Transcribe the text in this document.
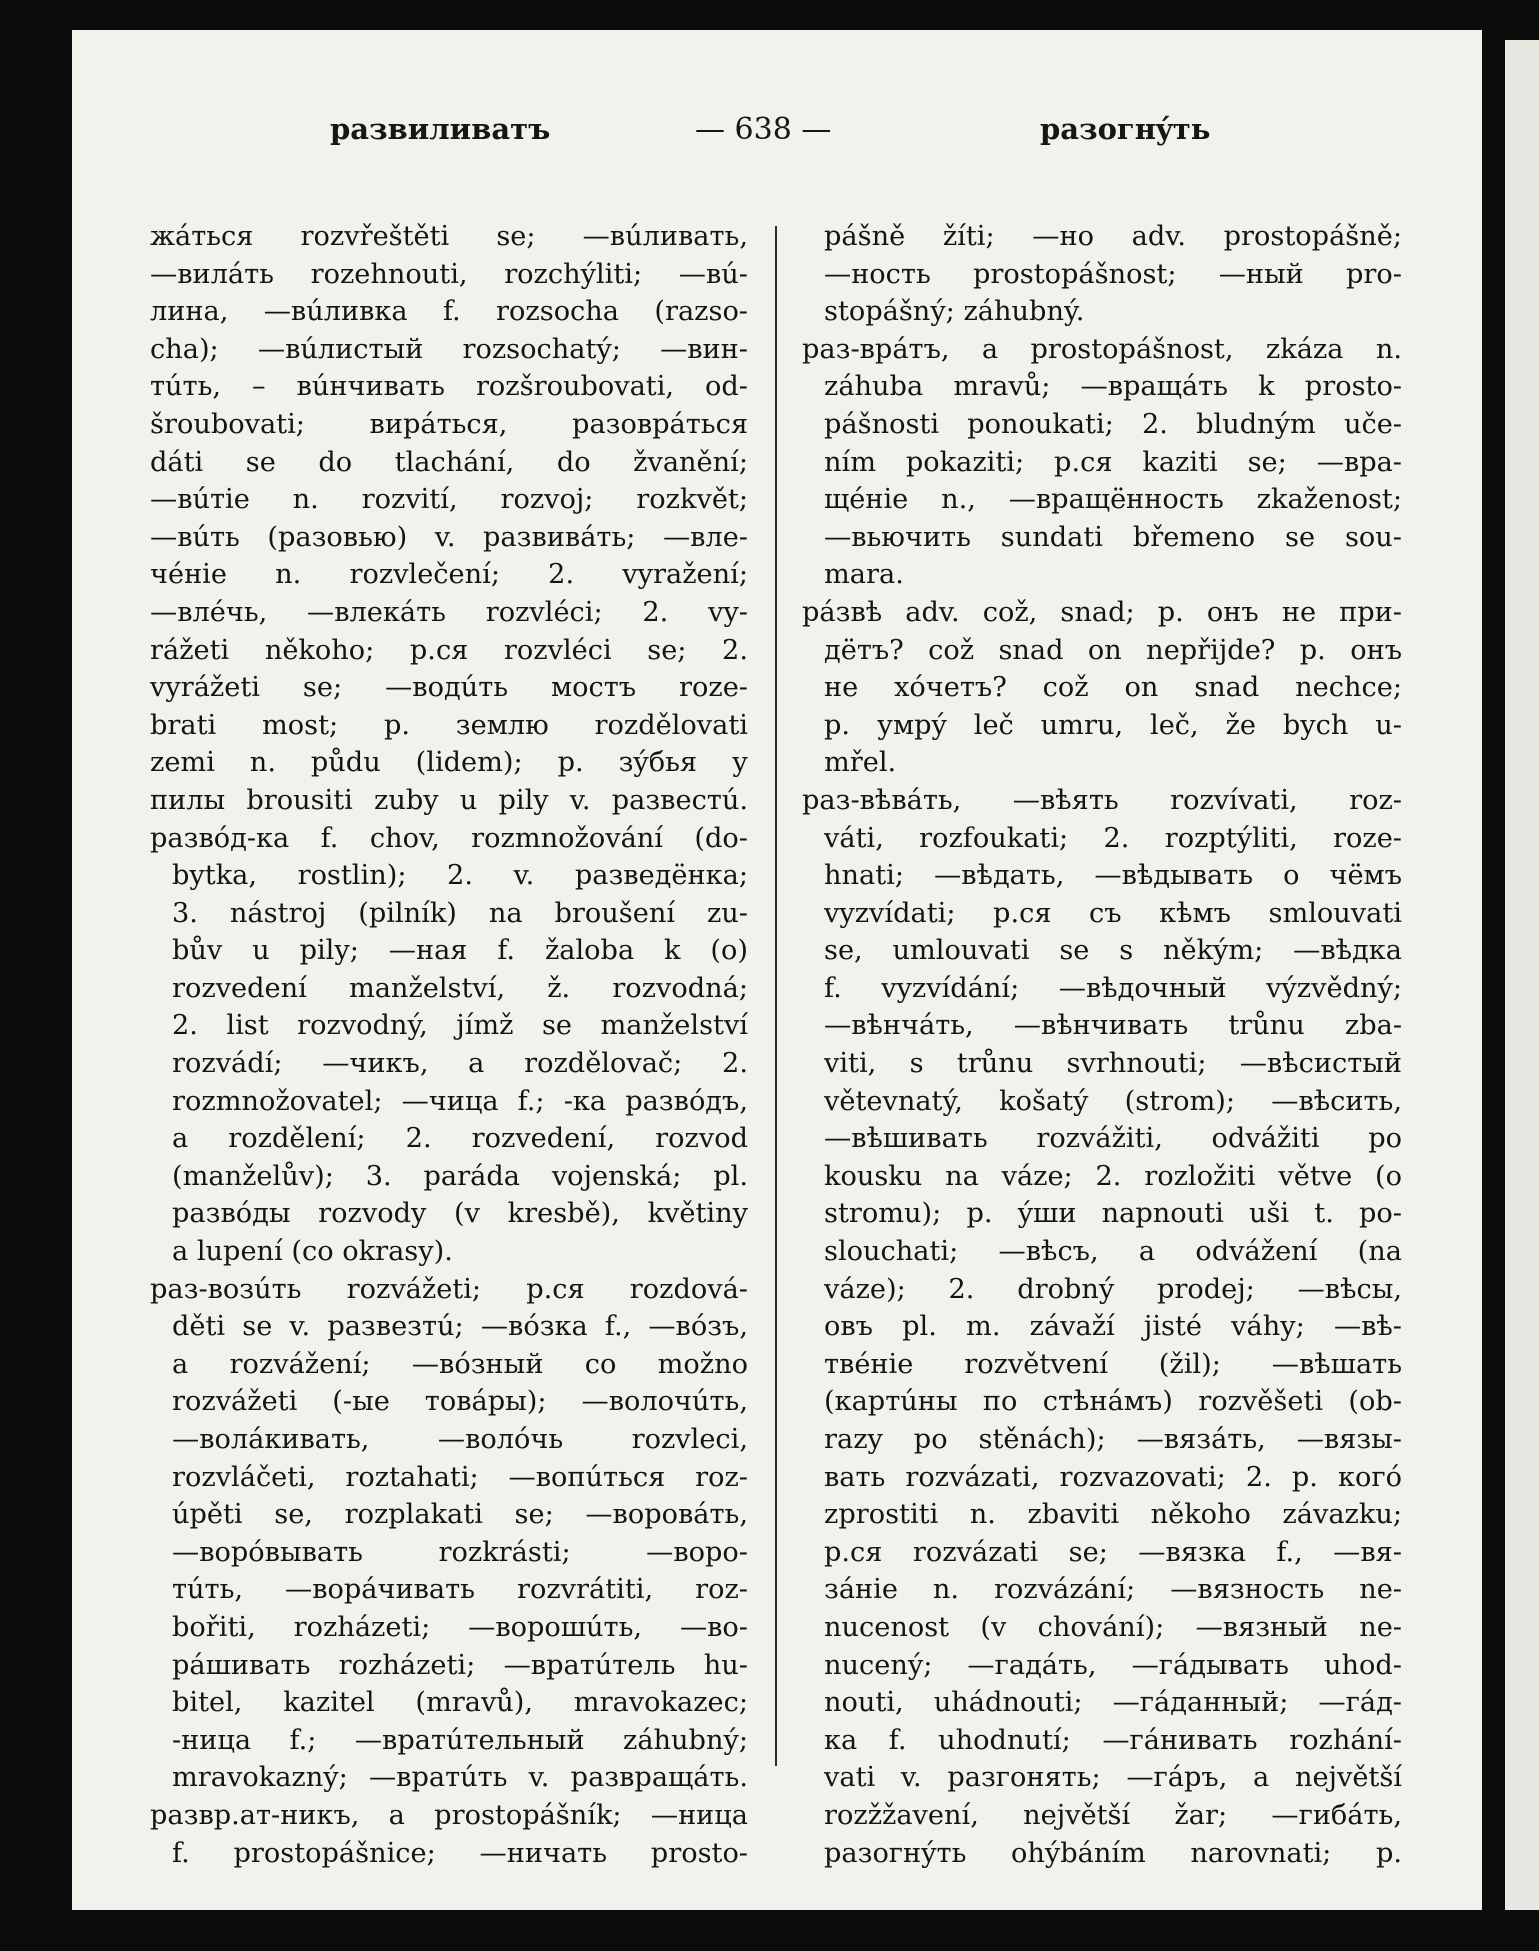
развиливатъ	— 638 —	разогнýть
жáться rozvřeštěti se; —вúливать,
—вилáть rozehnouti, rozchýliti; —вú-
лина, —вúливка f. rozsocha (razso-
cha); —вúлистый rozsochatý; —вин-
тúть, – вúнчивать rozšroubovati, od-
šroubovati; вирáться, разоврáться
dáti se do tlachání, do žvanění;
—вúтіе n. rozvití, rozvoj; rozkvět;
—вúть (разовью) v. развивáть; —вле-
чéніе n. rozvlečení; 2. vyražení;
—влéчь, —влекáть rozvléci; 2. vy-
rážeti někoho; р.ся rozvléci se; 2.
vyrážeti se; —водúть мостъ roze-
brati most; р. землю rozdělovati
zemi n. půdu (lidem); р. зýбья у
пилы brousiti zuby u pily v. развестú.
развóд-ка f. chov, rozmnožování (do-
bytka, rostlin); 2. v. разведёнка;
3. nástroj (pilník) na broušení zu-
bův u pily; —ная f. žaloba k (o)
rozvedení manželství, ž. rozvodná;
2. list rozvodný, jímž se manželství
rozvádí; —чикъ, a rozdělovač; 2.
rozmnožovatel; —чица f.; -ка развóдъ,
a rozdělení; 2. rozvedení, rozvod
(manželův); 3. paráda vojenská; pl.
развóды rozvody (v kresbě), květiny
a lupení (co okrasy).
раз-возúть rozvážeti; р.ся rozdová-
děti se v. развезтú; —вóзка f., —вóзъ,
a rozvážení; —вóзный co možno
rozvážeti (-ые товáры); —волочúть,
—волáкивать, —волóчь rozvleci,
rozvláčeti, roztahati; —вопúться roz-
úpěti se, rozplakati se; —воровáть,
—ворóвывать rozkrásti; —воро-
тúть, —ворáчивать rozvrátiti, roz-
bořiti, rozházeti; —ворошúть, —во-
рáшивать rozházeti; —вратúтель hu-
bitel, kazitel (mravů), mravokazec;
-ница f.; —вратúтельный záhubný;
mravokazný; —вратúть v. развращáть.
развр.ат-никъ, a prostopášník; —ница
f. prostopášnice; —ничать prosto-
pášně žíti; —но adv. prostopášně;
—ность prostopášnost; —ный pro-
stopášný; záhubný.
раз-врáтъ, a prostopášnost, zkáza n.
záhuba mravů; —вращáть k prosto-
pášnosti ponoukati; 2. bludným uče-
ním pokaziti; р.ся kaziti se; —вра-
щéніе n., —вращённость zkaženost;
—вьючить sundati břemeno se sou-
mara.
рáзвѣ adv. což, snad; р. онъ не при-
дётъ? což snad on nepřijde? р. онъ
не хóчетъ? což on snad nechce;
р. умрý leč umru, leč, že bych u-
mřel.
раз-вѣвáть, —вѣять rozvívati, roz-
váti, rozfoukati; 2. rozptýliti, roze-
hnati; —вѣдать, —вѣдывать о чёмъ
vyzvídati; р.ся съ кѣмъ smlouvati
se, umlouvati se s někým; —вѣдка
f. vyzvídání; —вѣдочный výzvědný;
—вѣнчáть, —вѣнчивать trůnu zba-
viti, s trůnu svrhnouti; —вѣсистый
větevnatý, košatý (strom); —вѣсить,
—вѣшивать rozvážiti, odvážiti po
kousku na váze; 2. rozložiti větve (o
stromu); р. ýши napnouti uši t. po-
slouchati; —вѣсъ, a odvážení (na
váze); 2. drobný prodej; —вѣсы,
овъ pl. m. závaží jisté váhy; —вѣ-
твéніе rozvětvení (žil); —вѣшать
(картúны по стѣнáмъ) rozvěšeti (ob-
razy po stěnách); —вязáть, —вязы-
вать rozvázati, rozvazovati; 2. р. когó
zprostiti n. zbaviti někoho závazku;
р.ся rozvázati se; —вязка f., —вя-
зáніе n. rozvázání; —вязность ne-
nucenost (v chování); —вязный ne-
nucený; —гадáть, —гáдывать uhod-
nouti, uhádnouti; —гáданный; —гáд-
ка f. uhodnutí; —гáнивать rozhání-
vati v. разгонять; —гáръ, a největší
rozžžavení, největší žar; —гибáть,
разогнýть ohýbáním narovnati; р.
